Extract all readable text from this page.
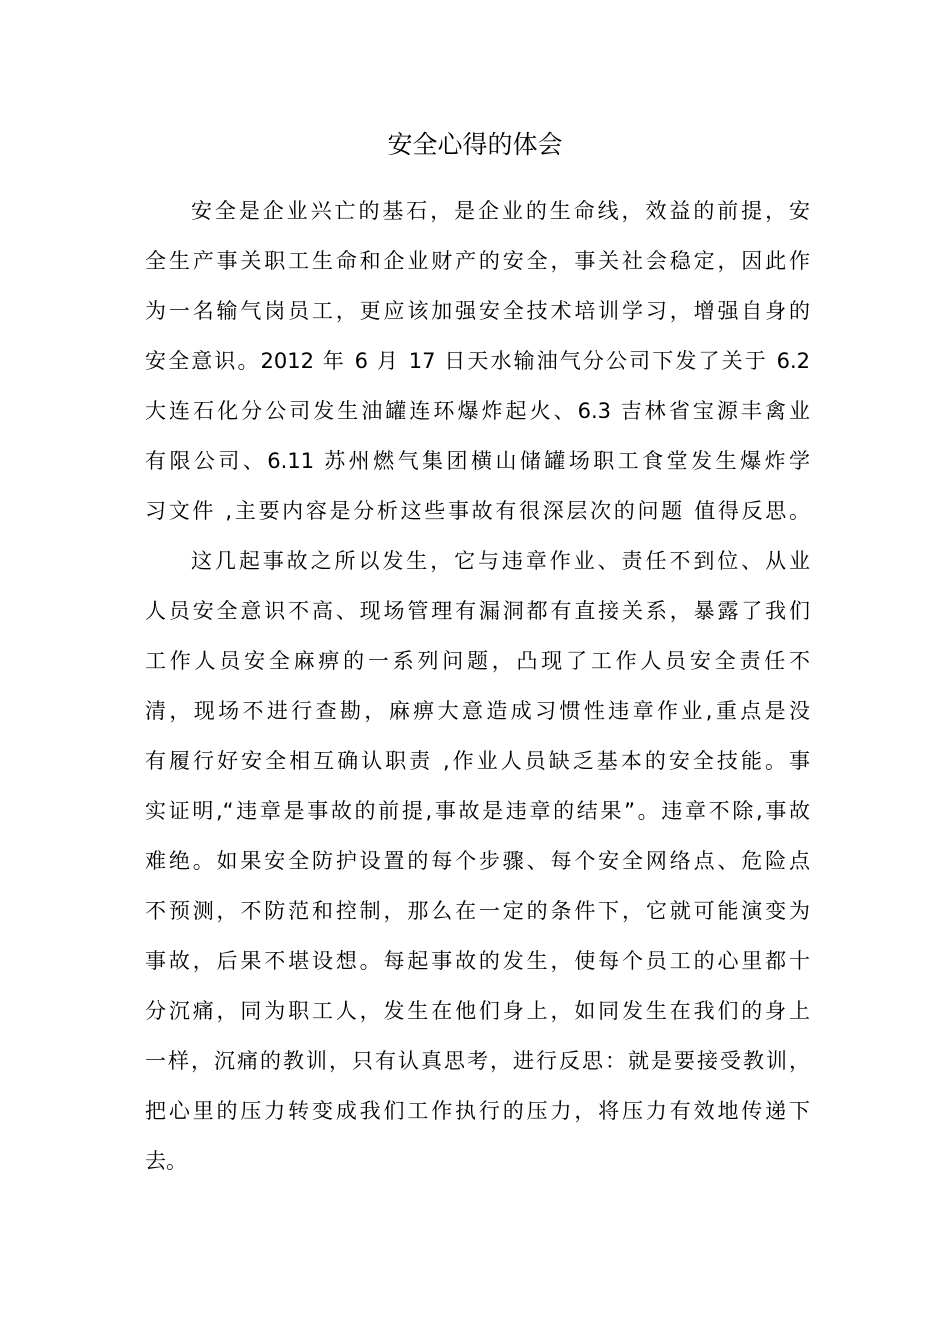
安全心得的体会
安全是企业兴亡的基石，是企业的生命线，效益的前提，安
全生产事关职工生命和企业财产的安全，事关社会稳定，因此作
为一名输气岗员工，更应该加强安全技术培训学习，增强自身的
安全意识。2012 年 6 月 17 日天水输油气分公司下发了关于 6.2
大连石化分公司发生油罐连环爆炸起火、6.3 吉林省宝源丰禽业
有限公司、6.11 苏州燃气集团横山储罐场职工食堂发生爆炸学
习文件 ,主要内容是分析这些事故有很深层次的问题 值得反思。
这几起事故之所以发生，它与违章作业、责任不到位、从业
人员安全意识不高、现场管理有漏洞都有直接关系，暴露了我们
工作人员安全麻痹的一系列问题，凸现了工作人员安全责任不
清，现场不进行查勘，麻痹大意造成习惯性违章作业,重点是没
有履行好安全相互确认职责 ,作业人员缺乏基本的安全技能。事
实证明,“违章是事故的前提,事故是违章的结果”。违章不除,事故
难绝。如果安全防护设置的每个步骤、每个安全网络点、危险点
不预测，不防范和控制，那么在一定的条件下，它就可能演变为
事故，后果不堪设想。每起事故的发生，使每个员工的心里都十
分沉痛，同为职工人，发生在他们身上，如同发生在我们的身上
一样，沉痛的教训，只有认真思考，进行反思：就是要接受教训，
把心里的压力转变成我们工作执行的压力，将压力有效地传递下
去。
